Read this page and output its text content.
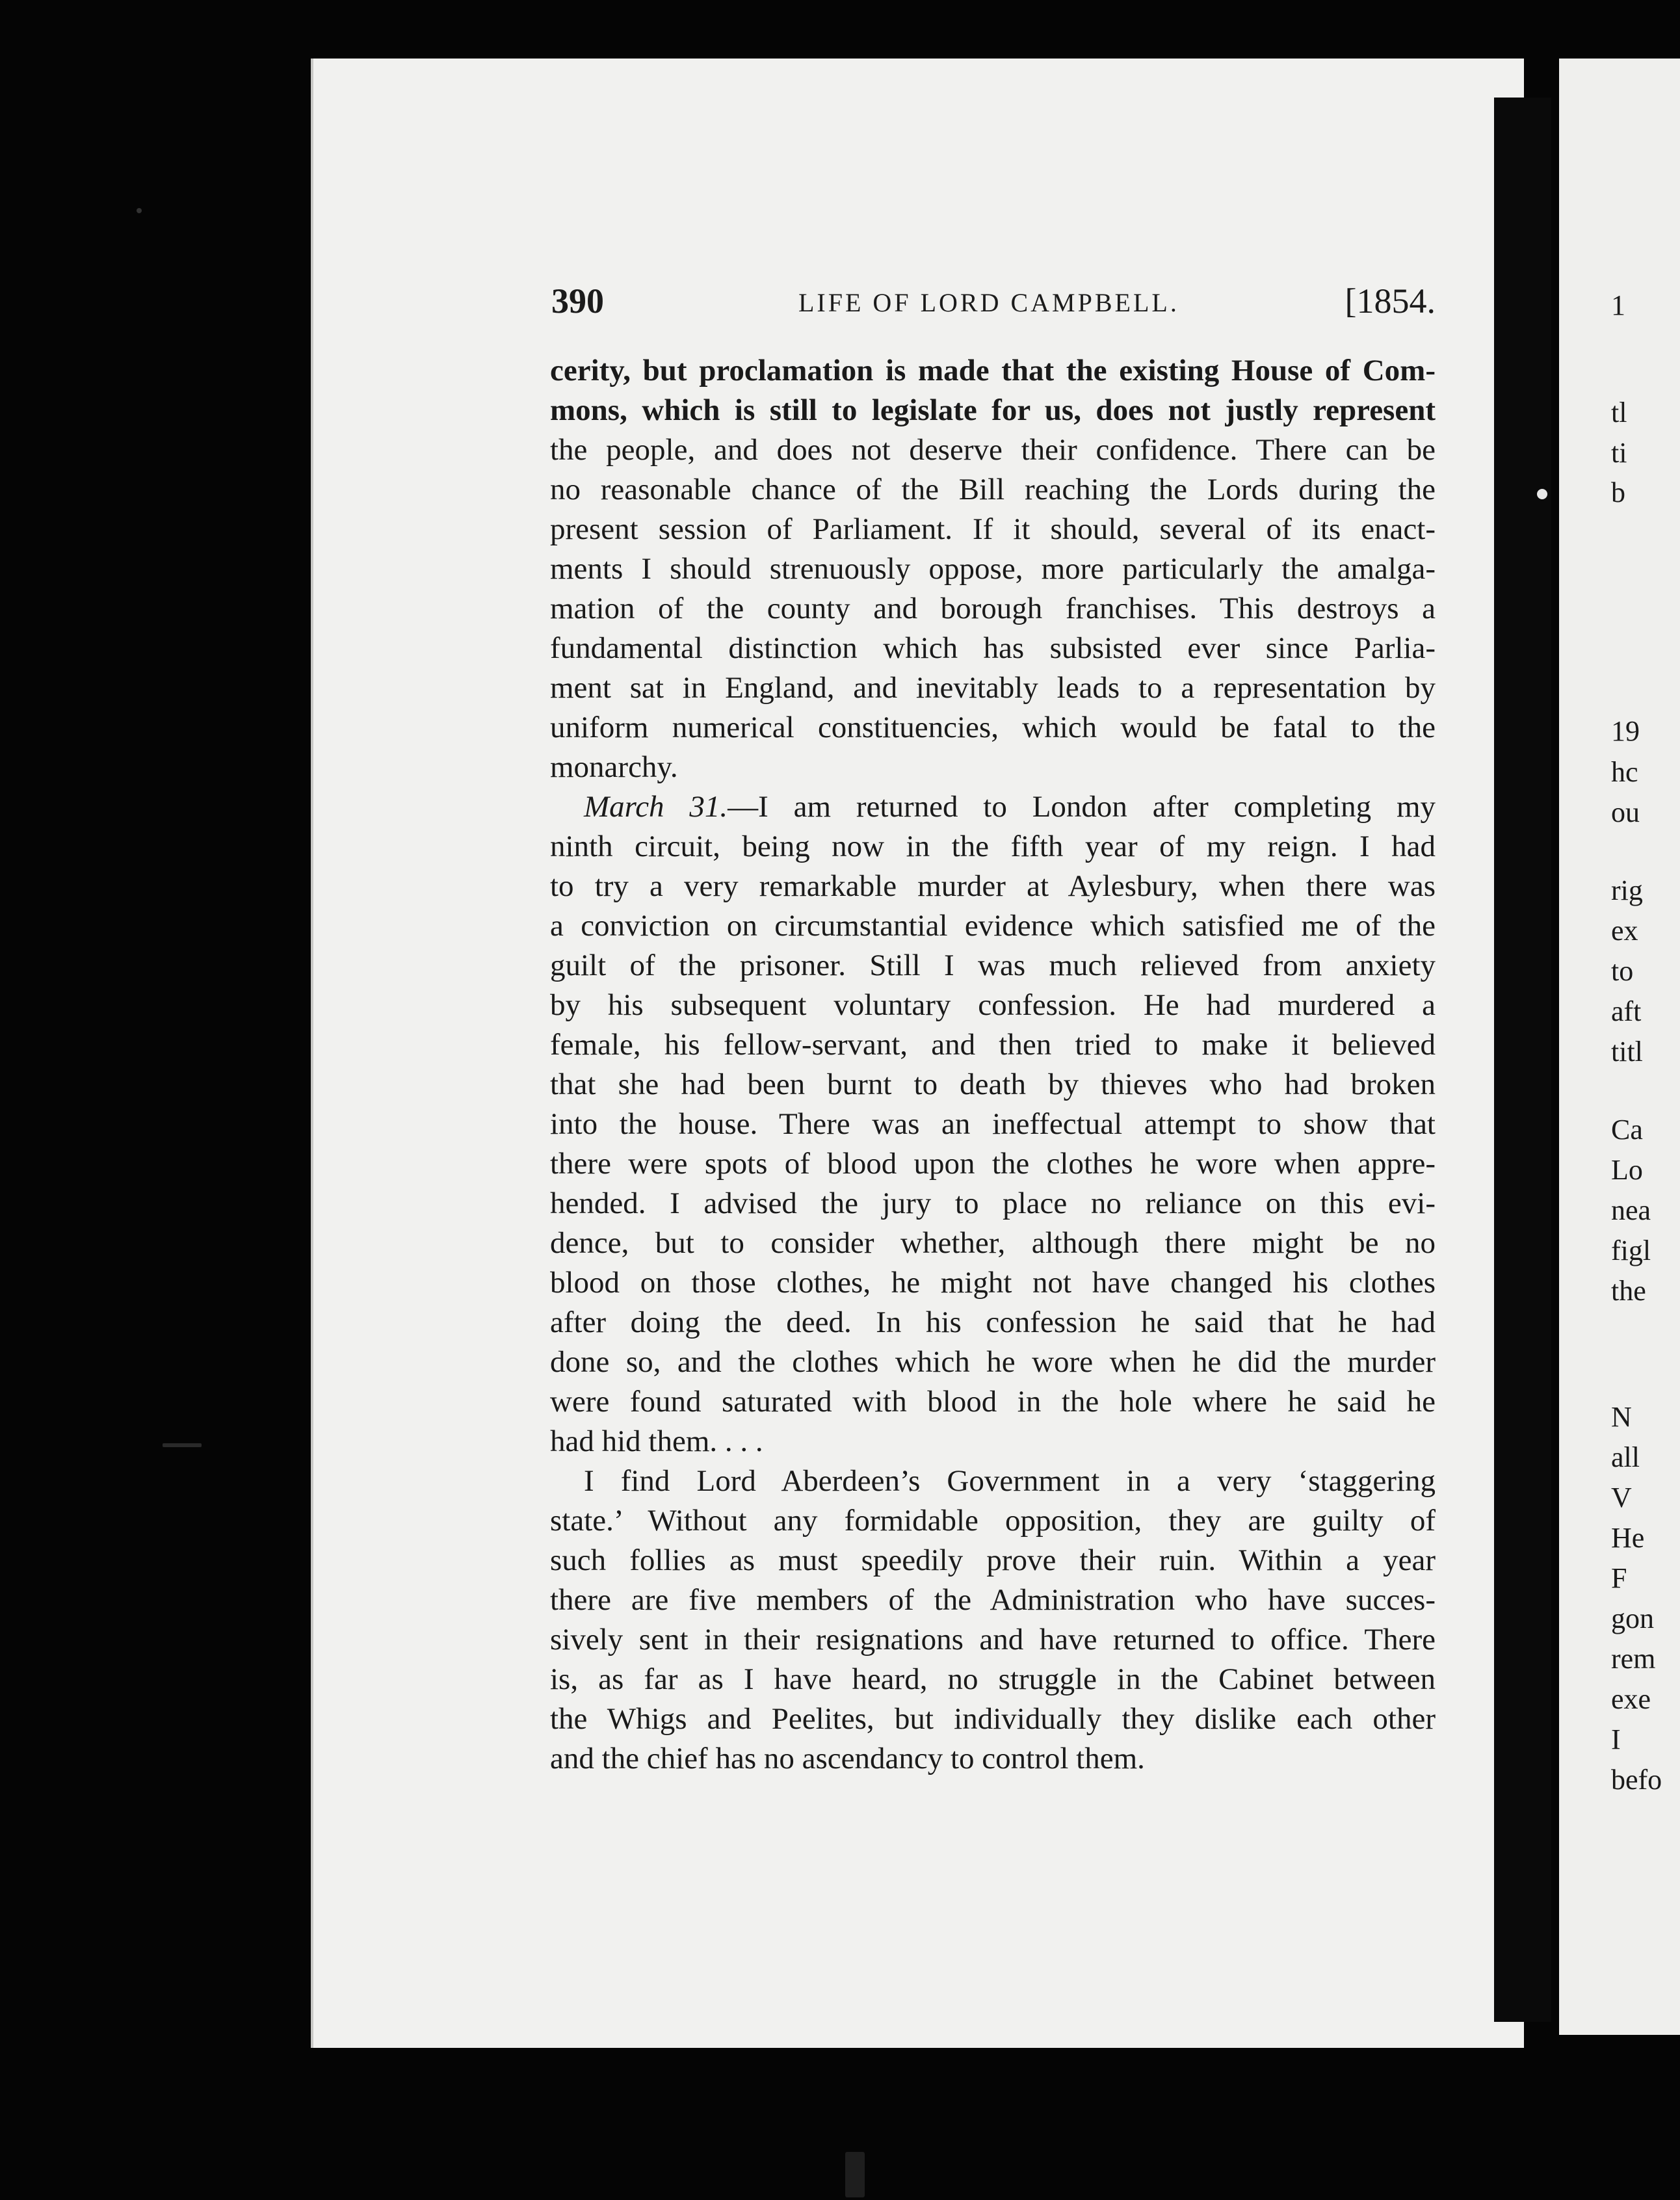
1
tl
ti
b
19
hc
ou
rig
ex
to
aft
titl
Ca
Lo
nea
figl
the
N
all
V
He
F
gon
rem
exe
I
befo
390	LIFE OF LORD CAMPBELL.	[1854.

cerity, but proclamation is made that the existing House of Com-
mons, which is still to legislate for us, does not justly represent
the people, and does not deserve their confidence. There can be
no reasonable chance of the Bill reaching the Lords during the
present session of Parliament. If it should, several of its enact-
ments I should strenuously oppose, more particularly the amalga-
mation of the county and borough franchises. This destroys a
fundamental distinction which has subsisted ever since Parlia-
ment sat in England, and inevitably leads to a representation by
uniform numerical constituencies, which would be fatal to the
monarchy.

March 31.—I am returned to London after completing my
ninth circuit, being now in the fifth year of my reign. I had
to try a very remarkable murder at Aylesbury, when there was
a conviction on circumstantial evidence which satisfied me of the
guilt of the prisoner. Still I was much relieved from anxiety
by his subsequent voluntary confession. He had murdered a
female, his fellow-servant, and then tried to make it believed
that she had been burnt to death by thieves who had broken
into the house. There was an ineffectual attempt to show that
there were spots of blood upon the clothes he wore when appre-
hended. I advised the jury to place no reliance on this evi-
dence, but to consider whether, although there might be no
blood on those clothes, he might not have changed his clothes
after doing the deed. In his confession he said that he had
done so, and the clothes which he wore when he did the murder
were found saturated with blood in the hole where he said he
had hid them. . . .

I find Lord Aberdeen’s Government in a very ‘staggering
state.’ Without any formidable opposition, they are guilty of
such follies as must speedily prove their ruin. Within a year
there are five members of the Administration who have succes-
sively sent in their resignations and have returned to office. There
is, as far as I have heard, no struggle in the Cabinet between
the Whigs and Peelites, but individually they dislike each other
and the chief has no ascendancy to control them.
